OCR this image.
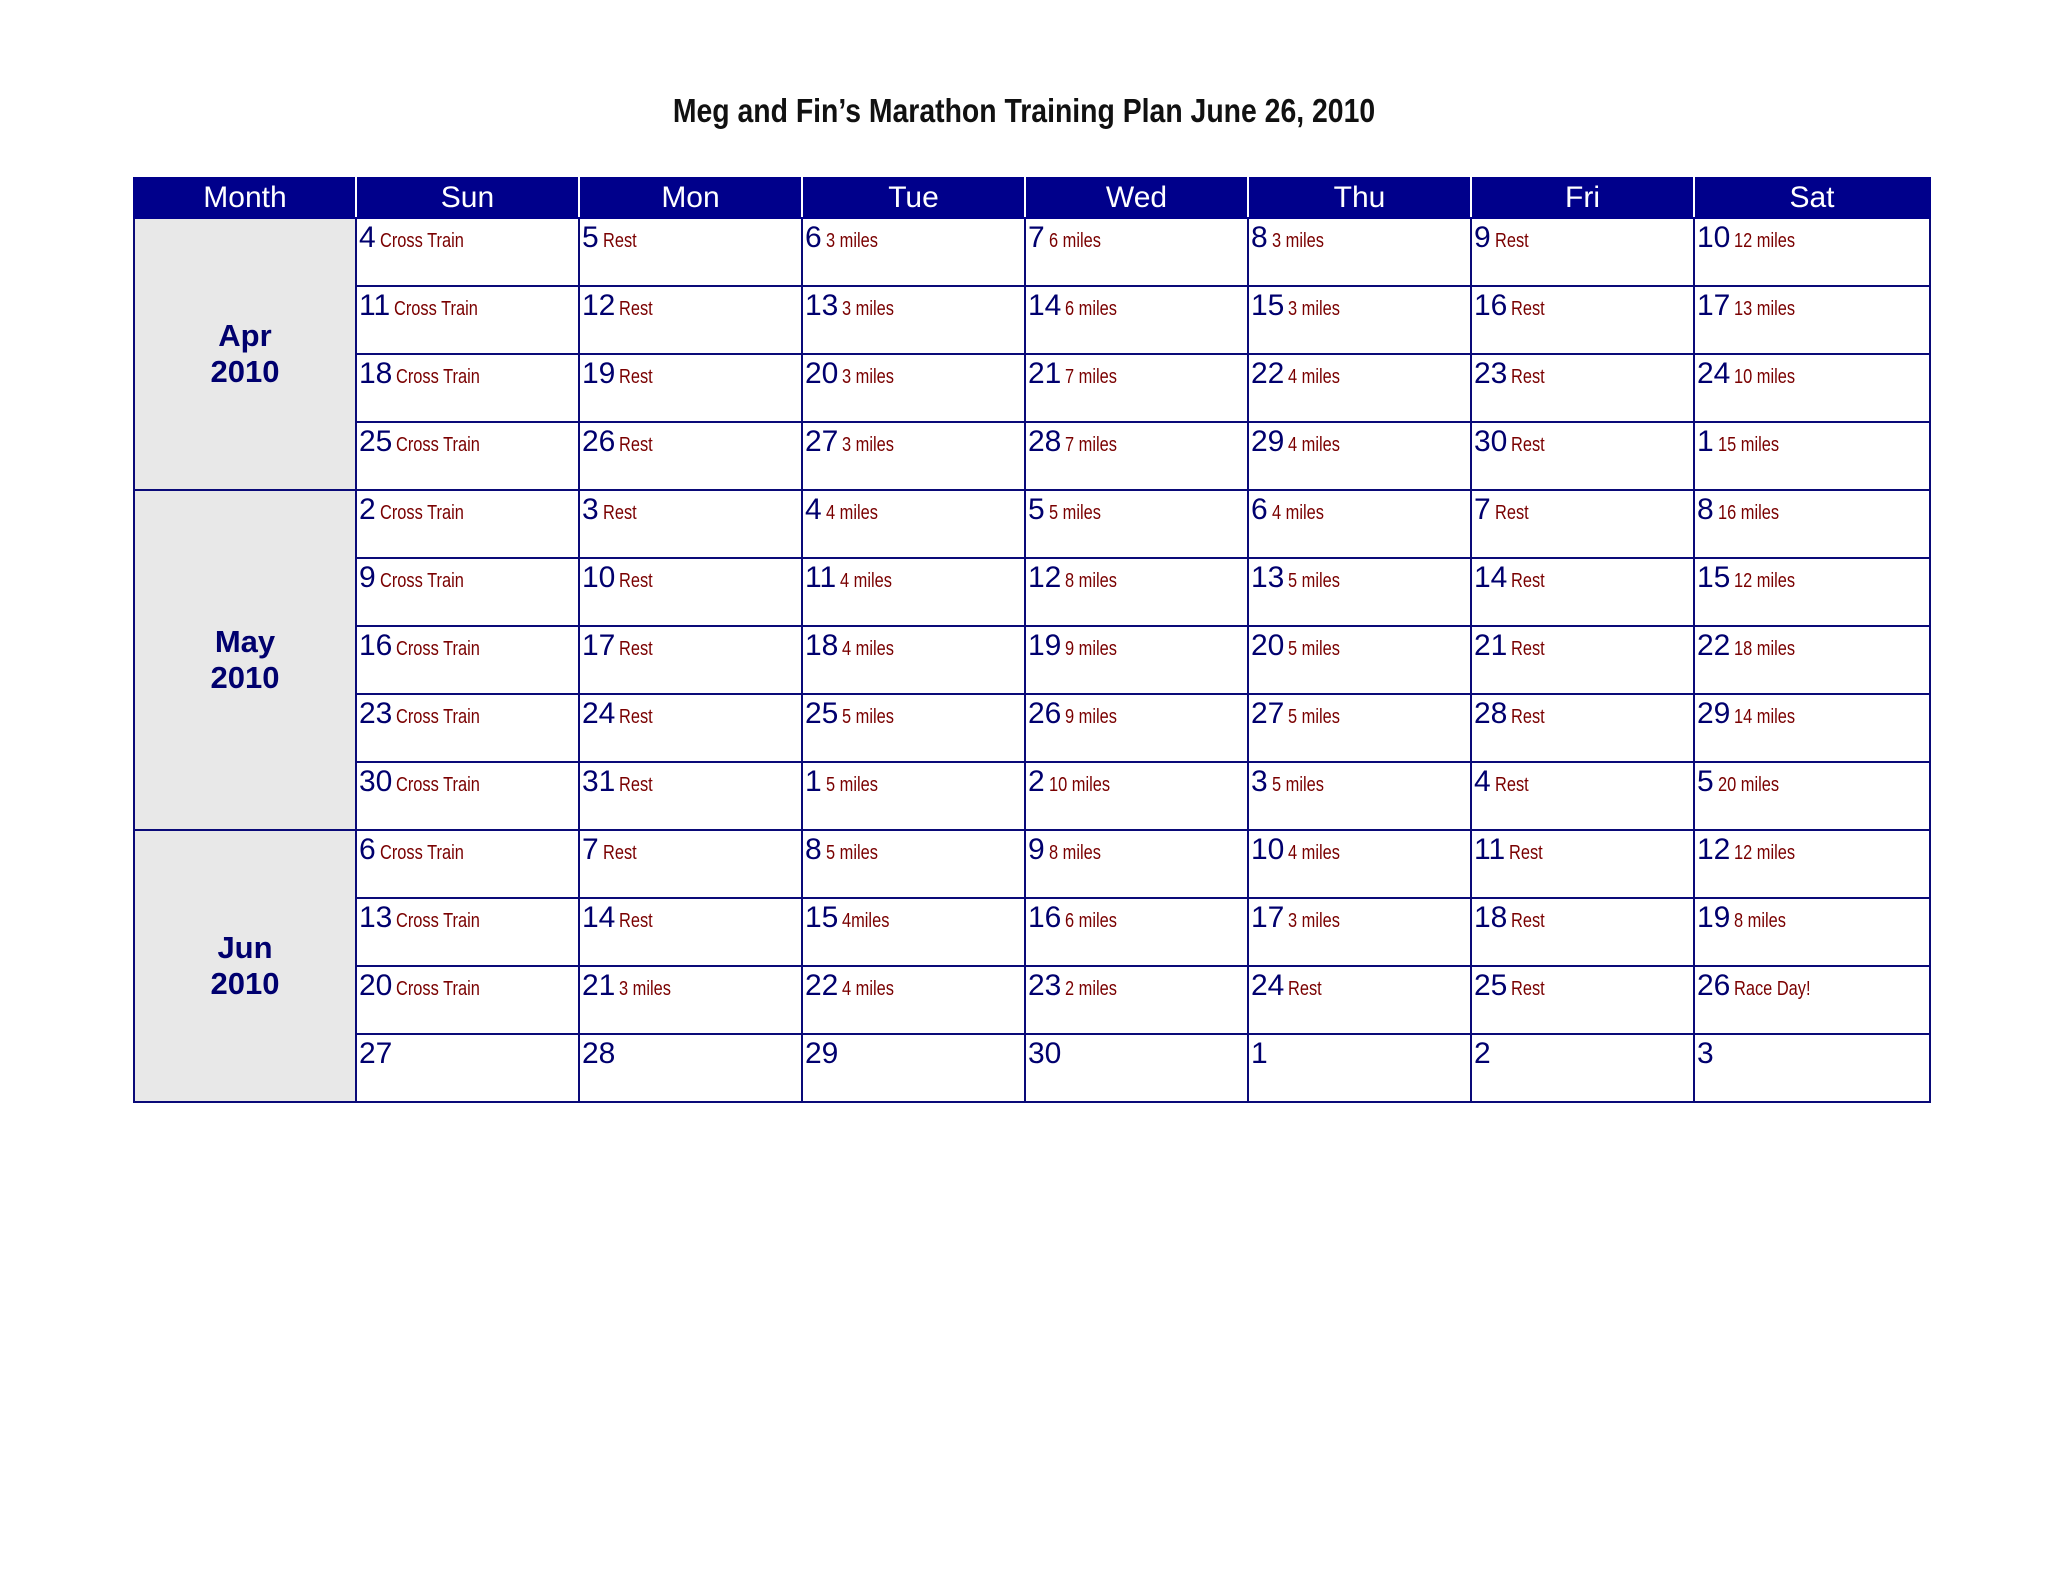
Meg and Fin’s Marathon Training Plan June 26, 2010
Month	Sun	Mon	Tue	Wed	Thu	Fri	Sat

Apr
2010	4 Cross Train	5 Rest	6 3 miles	7 6 miles	8 3 miles	9 Rest	10 12 miles

	11 Cross Train	12 Rest	13 3 miles	14 6 miles	15 3 miles	16 Rest	17 13 miles

	18 Cross Train	19 Rest	20 3 miles	21 7 miles	22 4 miles	23 Rest	24 10 miles

	25 Cross Train	26 Rest	27 3 miles	28 7 miles	29 4 miles	30 Rest	1 15 miles

May
2010	2 Cross Train	3 Rest	4 4 miles	5 5 miles	6 4 miles	7 Rest	8 16 miles

	9 Cross Train	10 Rest	11 4 miles	12 8 miles	13 5 miles	14 Rest	15 12 miles

	16 Cross Train	17 Rest	18 4 miles	19 9 miles	20 5 miles	21 Rest	22 18 miles

	23 Cross Train	24 Rest	25 5 miles	26 9 miles	27 5 miles	28 Rest	29 14 miles

	30 Cross Train	31 Rest	1 5 miles	2 10 miles	3 5 miles	4 Rest	5 20 miles

Jun
2010	6 Cross Train	7 Rest	8 5 miles	9 8 miles	10 4 miles	11 Rest	12 12 miles

	13 Cross Train	14 Rest	15 4miles	16 6 miles	17 3 miles	18 Rest	19 8 miles

	20 Cross Train	21 3 miles	22 4 miles	23 2 miles	24 Rest	25 Rest	26 Race Day!

	27	28	29	30	1	2	3
